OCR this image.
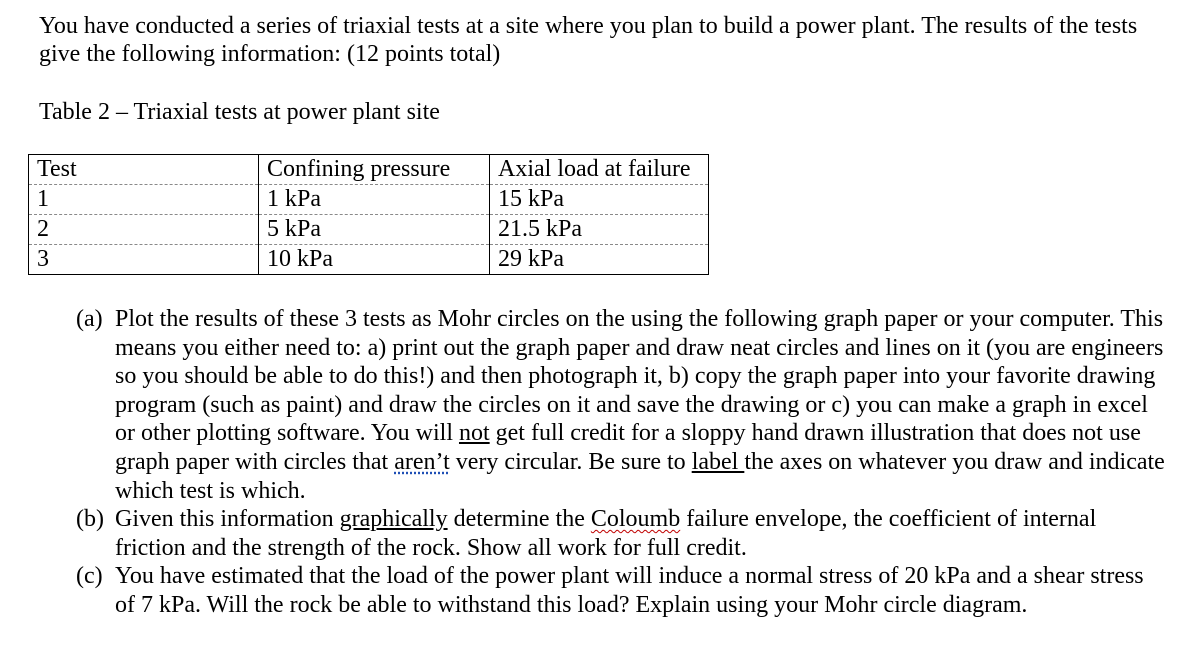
You have conducted a series of triaxial tests at a site where you plan to build a power plant. The results of the tests give the following information: (12 points total)

Table 2 – Triaxial tests at power plant site

Test	Confining pressure	Axial load at failure
1	1 kPa	15 kPa
2	5 kPa	21.5 kPa
3	10 kPa	29 kPa
(a) Plot the results of these 3 tests as Mohr circles on the using the following graph paper or your computer. This means you either need to: a) print out the graph paper and draw neat circles and lines on it (you are engineers so you should be able to do this!) and then photograph it, b) copy the graph paper into your favorite drawing program (such as paint) and draw the circles on it and save the drawing or c) you can make a graph in excel or other plotting software. You will not get full credit for a sloppy hand drawn illustration that does not use graph paper with circles that aren’t very circular. Be sure to label the axes on whatever you draw and indicate which test is which.
(b) Given this information graphically determine the Coloumb failure envelope, the coefficient of internal friction and the strength of the rock. Show all work for full credit.
(c) You have estimated that the load of the power plant will induce a normal stress of 20 kPa and a shear stress of 7 kPa. Will the rock be able to withstand this load? Explain using your Mohr circle diagram.
